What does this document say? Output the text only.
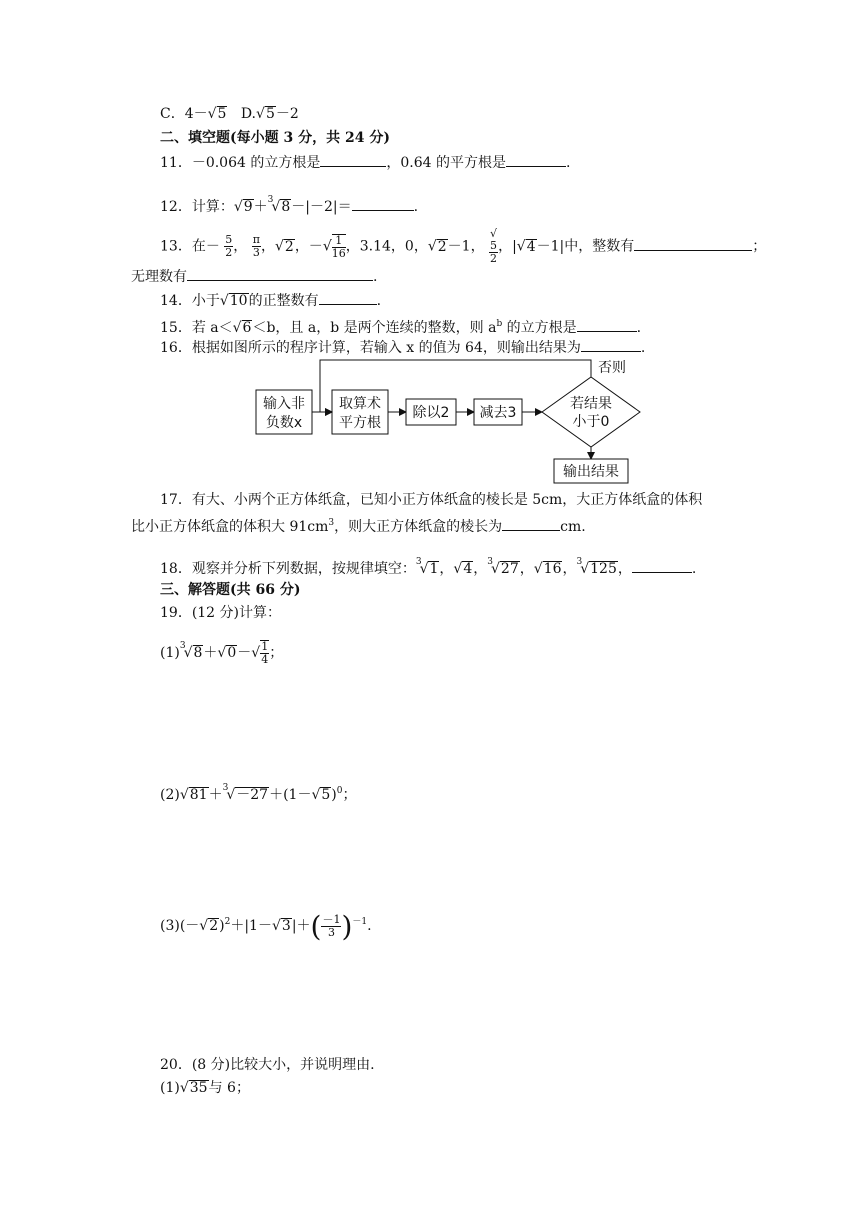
C．4－√5 D.√5－2
二、填空题(每小题 3 分，共 24 分)
11．－0.064 的立方根是	，0.64 的平方根是	.
12．计算：√9＋$^3$√8－|－2|＝	.
13．在－ $\frac{5}{2}$ ， $\frac{\pi}{3}$ ，√2，－√ $\frac{1}{16}$ ，3.14，0，√2－1， √
5
2 ，|√4－1|中，整数有	；
无理数有	.
14．小于√10的正整数有	.
15．若 a＜√6＜b，且 a，b 是两个连续的整数，则 $a^b$ 的立方根是	.
16．根据如图所示的程序计算，若输入 x 的值为 64，则输出结果为	.
输入非
负数x
取算术
平方根
除以2 减去3
若结果
小于0
否则
输出结果
17．有大、小两个正方体纸盒，已知小正方体纸盒的棱长是 5cm，大正方体纸盒的体积
比小正方体纸盒的体积大 $91cm^3$，则大正方体纸盒的棱长为	cm.
18．观察并分析下列数据，按规律填空：$^3$√1，√4，$^3$√27，√16，$^3$√125，	.
三、解答题(共 66 分)
19．(12 分)计算：
$(1)^3√8+√0-√ \frac{1}{4}$ ；
$(2)√81+^3√-27+(1-√5)^0$；
$(3)(-√2)^2+|1-√3|+( \frac{-1}{3} )^{-1}$.
20．(8 分)比较大小，并说明理由.
(1)√35与 6；
